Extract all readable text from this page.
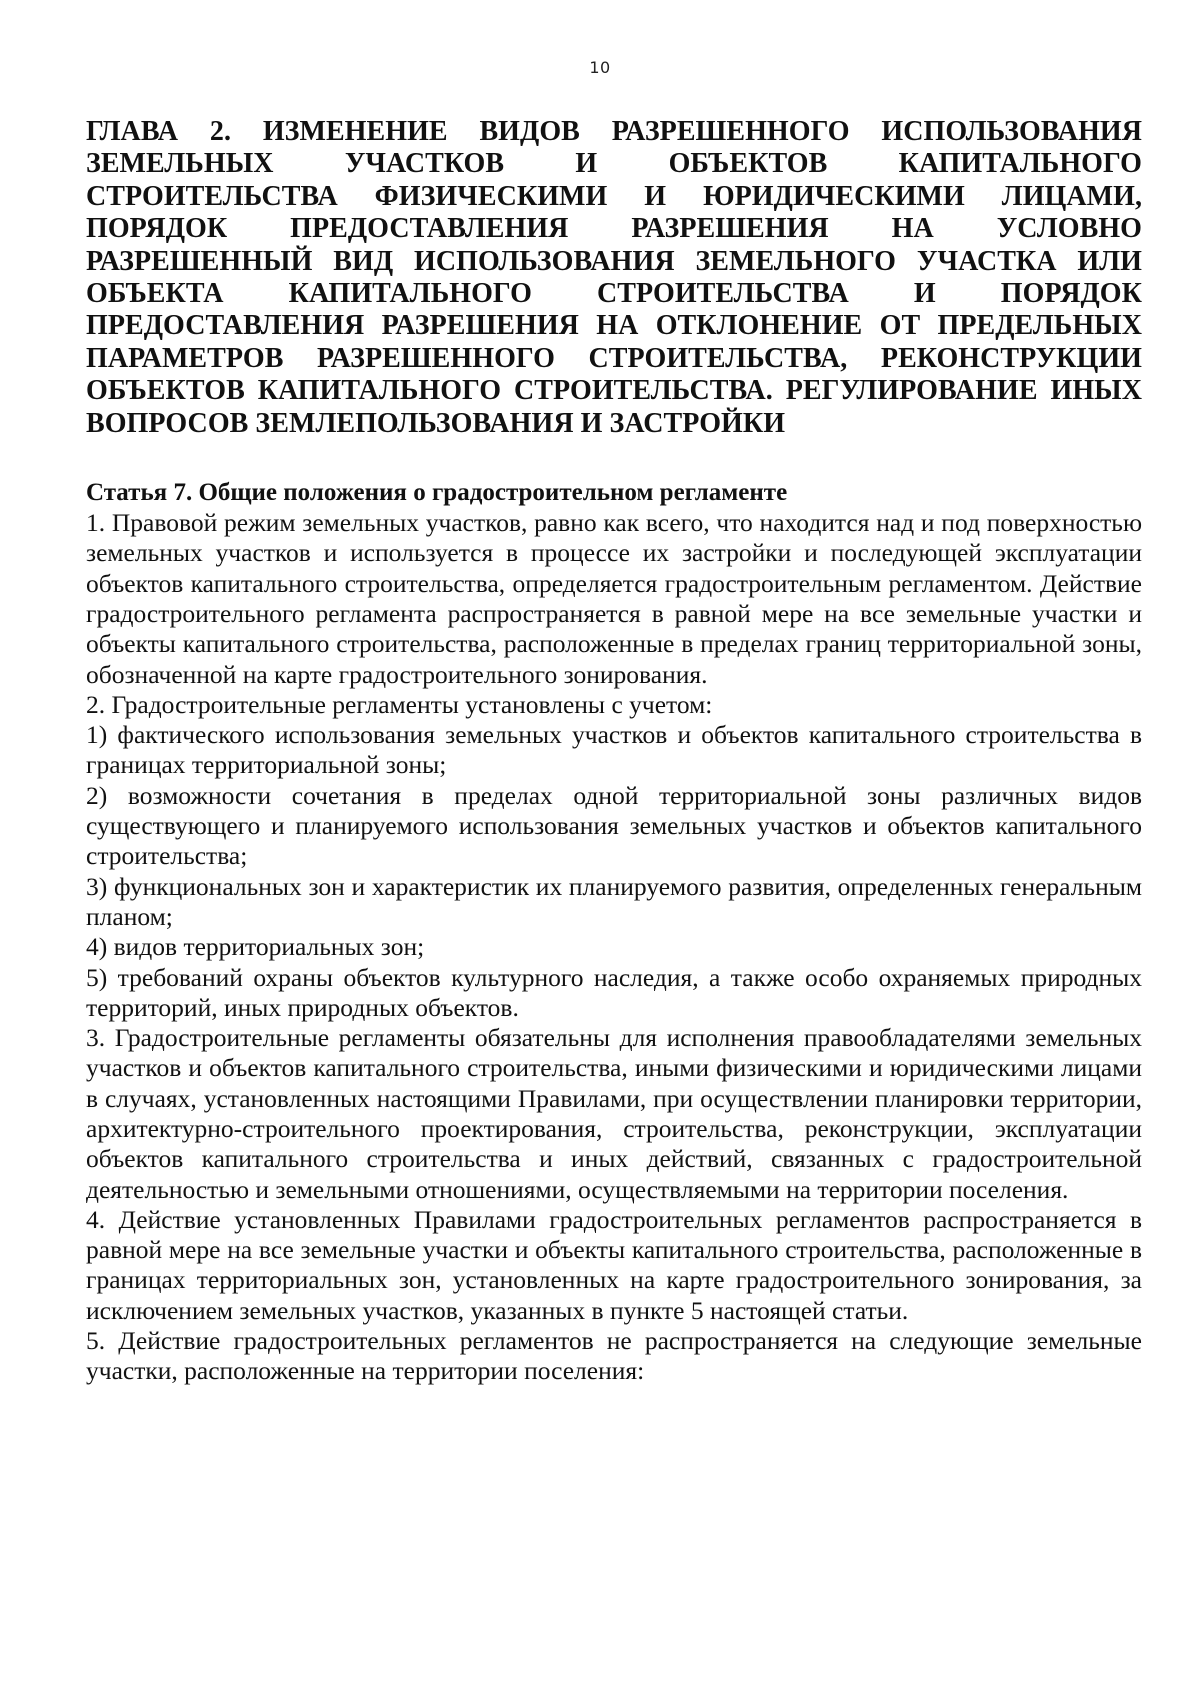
10
ГЛАВА 2. ИЗМЕНЕНИЕ ВИДОВ РАЗРЕШЕННОГО ИСПОЛЬЗОВАНИЯ ЗЕМЕЛЬНЫХ УЧАСТКОВ И ОБЪЕКТОВ КАПИТАЛЬНОГО СТРОИТЕЛЬСТВА ФИЗИЧЕСКИМИ И ЮРИДИЧЕСКИМИ ЛИЦАМИ, ПОРЯДОК ПРЕДОСТАВЛЕНИЯ РАЗРЕШЕНИЯ НА УСЛОВНО РАЗРЕШЕННЫЙ ВИД ИСПОЛЬЗОВАНИЯ ЗЕМЕЛЬНОГО УЧАСТКА ИЛИ ОБЪЕКТА КАПИТАЛЬНОГО СТРОИТЕЛЬСТВА И ПОРЯДОК ПРЕДОСТАВЛЕНИЯ РАЗРЕШЕНИЯ НА ОТКЛОНЕНИЕ ОТ ПРЕДЕЛЬНЫХ ПАРАМЕТРОВ РАЗРЕШЕННОГО СТРОИТЕЛЬСТВА, РЕКОНСТРУКЦИИ ОБЪЕКТОВ КАПИТАЛЬНОГО СТРОИТЕЛЬСТВА. РЕГУЛИРОВАНИЕ ИНЫХ ВОПРОСОВ ЗЕМЛЕПОЛЬЗОВАНИЯ И ЗАСТРОЙКИ
Статья 7. Общие положения о градостроительном регламенте

1. Правовой режим земельных участков, равно как всего, что находится над и под поверхностью земельных участков и используется в процессе их застройки и последующей эксплуатации объектов капитального строительства, определяется градостроительным регламентом. Действие градостроительного регламента распространяется в равной мере на все земельные участки и объекты капитального строительства, расположенные в пределах границ территориальной зоны, обозначенной на карте градостроительного зонирования.

2. Градостроительные регламенты установлены с учетом:

1) фактического использования земельных участков и объектов капитального строительства в границах территориальной зоны;

2) возможности сочетания в пределах одной территориальной зоны различных видов существующего и планируемого использования земельных участков и объектов капитального строительства;

3) функциональных зон и характеристик их планируемого развития, определенных генеральным планом;

4) видов территориальных зон;

5) требований охраны объектов культурного наследия, а также особо охраняемых природных территорий, иных природных объектов.

3. Градостроительные регламенты обязательны для исполнения правообладателями земельных участков и объектов капитального строительства, иными физическими и юридическими лицами в случаях, установленных настоящими Правилами, при осуществлении планировки территории, архитектурно-строительного проектирования, строительства, реконструкции, эксплуатации объектов капитального строительства и иных действий, связанных с градостроительной деятельностью и земельными отношениями, осуществляемыми на территории поселения.

4. Действие установленных Правилами градостроительных регламентов распространяется в равной мере на все земельные участки и объекты капитального строительства, расположенные в границах территориальных зон, установленных на карте градостроительного зонирования, за исключением земельных участков, указанных в пункте 5 настоящей статьи.

5. Действие градостроительных регламентов не распространяется на следующие земельные участки, расположенные на территории поселения:
